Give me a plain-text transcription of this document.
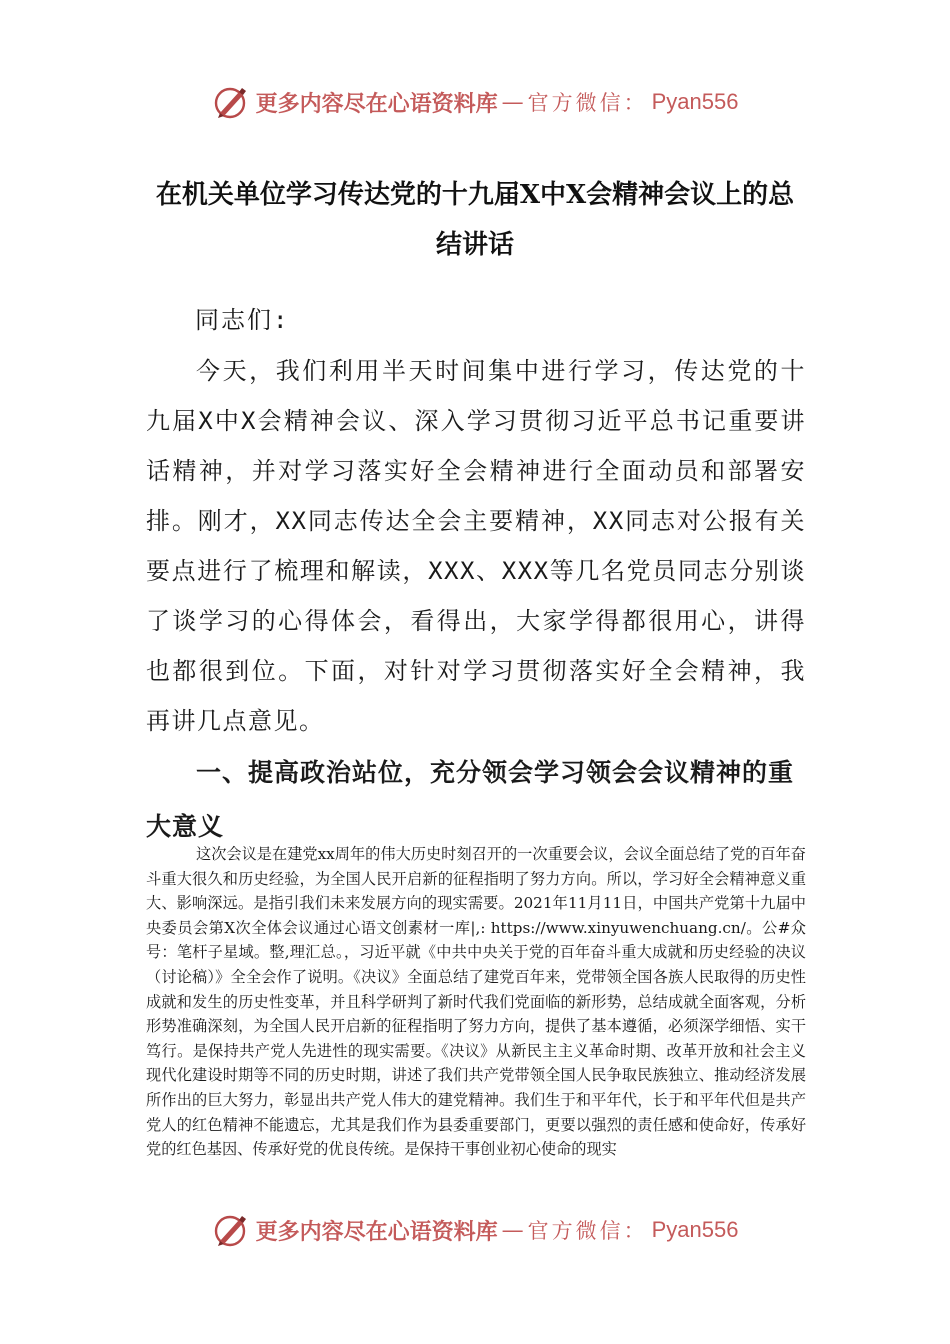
更多内容尽在心语资料库 — 官方微信： Pyan556
在机关单位学习传达党的十九届X中X会精神会议上的总结讲话
同志们:

今天，我们利用半天时间集中进行学习，传达党的十九届X中X会精神会议、深入学习贯彻习近平总书记重要讲话精神，并对学习落实好全会精神进行全面动员和部署安排。刚才，XX同志传达全会主要精神，XX同志对公报有关要点进行了梳理和解读，XXX、XXX等几名党员同志分别谈了谈学习的心得体会，看得出，大家学得都很用心，讲得也都很到位。下面，对针对学习贯彻落实好全会精神，我再讲几点意见。

一、提高政治站位，充分领会学习领会会议精神的重大意义

这次会议是在建党xx周年的伟大历史时刻召开的一次重要会议，会议全面总结了党的百年奋斗重大很久和历史经验，为全国人民开启新的征程指明了努力方向。所以，学习好全会精神意义重大、影响深远。是指引我们未来发展方向的现实需要。2021年11月11日，中国共产党第十九届中央委员会第X次全体会议通过心语文创素材一库|,: https://www.xinyuwenchuang.cn/。公#众号：笔杆子星域。整,理汇总。，习近平就《中共中央关于党的百年奋斗重大成就和历史经验的决议（讨论稿）》全全会作了说明。《决议》全面总结了建党百年来，党带领全国各族人民取得的历史性成就和发生的历史性变革，并且科学研判了新时代我们党面临的新形势，总结成就全面客观，分析形势准确深刻，为全国人民开启新的征程指明了努力方向，提供了基本遵循，必须深学细悟、实干笃行。是保持共产党人先进性的现实需要。《决议》从新民主主义革命时期、改革开放和社会主义现代化建设时期等不同的历史时期，讲述了我们共产党带领全国人民争取民族独立、推动经济发展所作出的巨大努力，彰显出共产党人伟大的建党精神。我们生于和平年代，长于和平年代但是共产党人的红色精神不能遗忘，尤其是我们作为县委重要部门，更要以强烈的责任感和使命好，传承好党的红色基因、传承好党的优良传统。是保持干事创业初心使命的现实

更多内容尽在心语资料库 — 官方微信： Pyan556
